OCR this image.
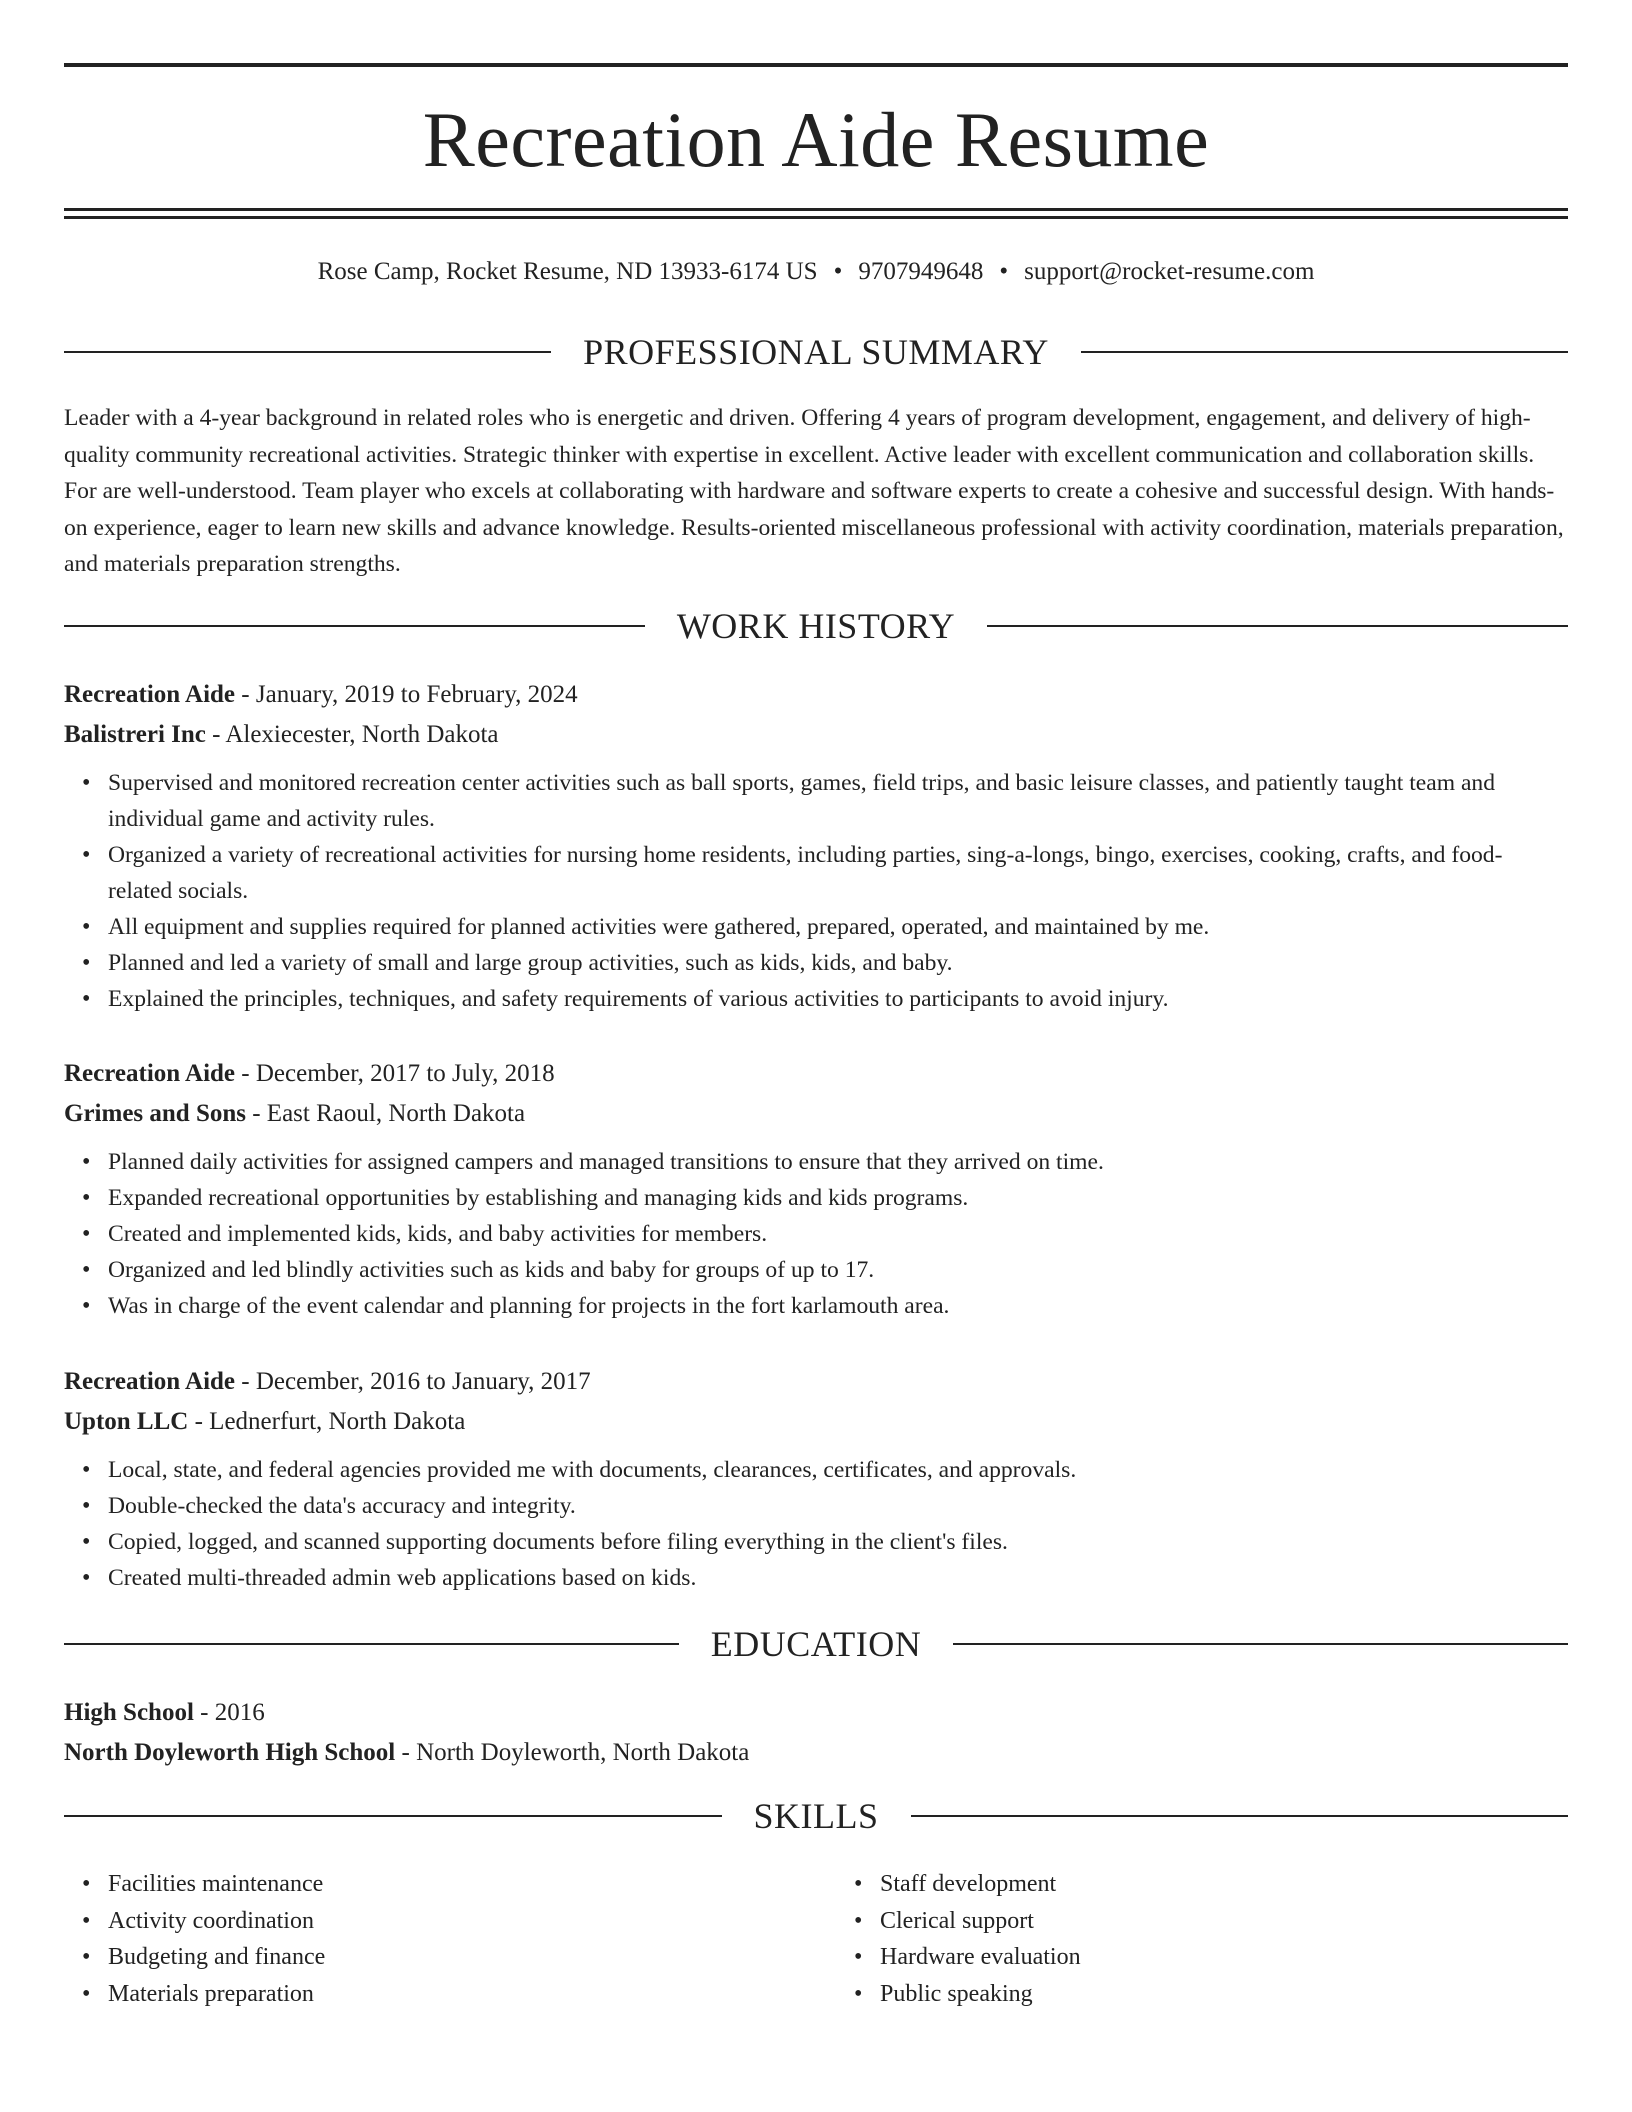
Recreation Aide Resume
Rose Camp, Rocket Resume, ND 13933-6174 US • 9707949648 • support@rocket-resume.com
PROFESSIONAL SUMMARY

Leader with a 4-year background in related roles who is energetic and driven. Offering 4 years of program development, engagement, and delivery of high-quality community recreational activities. Strategic thinker with expertise in excellent. Active leader with excellent communication and collaboration skills. For are well-understood. Team player who excels at collaborating with hardware and software experts to create a cohesive and successful design. With hands-on experience, eager to learn new skills and advance knowledge. Results-oriented miscellaneous professional with activity coordination, materials preparation, and materials preparation strengths.

WORK HISTORY

Recreation Aide - January, 2019 to February, 2024

Balistreri Inc - Alexiecester, North Dakota

• Supervised and monitored recreation center activities such as ball sports, games, field trips, and basic leisure classes, and patiently taught team and individual game and activity rules.
• Organized a variety of recreational activities for nursing home residents, including parties, sing-a-longs, bingo, exercises, cooking, crafts, and food-related socials.
• All equipment and supplies required for planned activities were gathered, prepared, operated, and maintained by me.
• Planned and led a variety of small and large group activities, such as kids, kids, and baby.
• Explained the principles, techniques, and safety requirements of various activities to participants to avoid injury.

Recreation Aide - December, 2017 to July, 2018

Grimes and Sons - East Raoul, North Dakota

• Planned daily activities for assigned campers and managed transitions to ensure that they arrived on time.
• Expanded recreational opportunities by establishing and managing kids and kids programs.
• Created and implemented kids, kids, and baby activities for members.
• Organized and led blindly activities such as kids and baby for groups of up to 17.
• Was in charge of the event calendar and planning for projects in the fort karlamouth area.

Recreation Aide - December, 2016 to January, 2017

Upton LLC - Lednerfurt, North Dakota

• Local, state, and federal agencies provided me with documents, clearances, certificates, and approvals.
• Double-checked the data's accuracy and integrity.
• Copied, logged, and scanned supporting documents before filing everything in the client's files.
• Created multi-threaded admin web applications based on kids.
EDUCATION

High School - 2016

North Doyleworth High School - North Doyleworth, North Dakota

SKILLS
• Facilities maintenance
• Activity coordination
• Budgeting and finance
• Materials preparation
• Staff development
• Clerical support
• Hardware evaluation
• Public speaking
